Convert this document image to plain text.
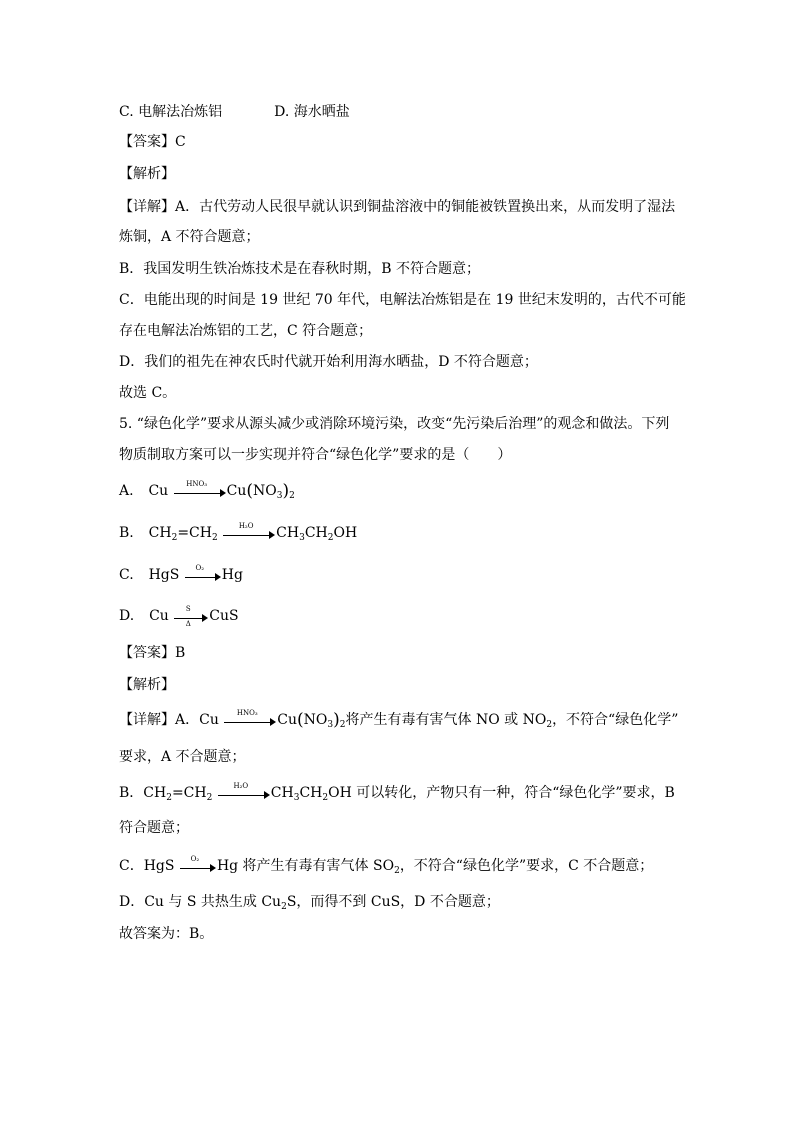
C. 电解法冶炼铝	D. 海水晒盐
【答案】C
【解析】
【详解】A．古代劳动人民很早就认识到铜盐溶液中的铜能被铁置换出来，从而发明了湿法
炼铜，A 不符合题意；
B．我国发明生铁冶炼技术是在春秋时期，B 不符合题意；
C．电能出现的时间是 19 世纪 70 年代，电解法冶炼铝是在 19 世纪末发明的，古代不可能
存在电解法冶炼铝的工艺，C 符合题意；
D．我们的祖先在神农氏时代就开始利用海水晒盐，D 不符合题意；
故选 C。
5. “绿色化学”要求从源头减少或消除环境污染，改变“先污染后治理”的观念和做法。下列
物质制取方案可以一步实现并符合“绿色化学”要求的是（　　）
A. Cu	HNO₃	$Cu(NO_3)_2$
B. $CH_2=CH_2$
H₂O	$CH_3CH_2OH$
C. HgS	O₂	Hg
D. Cu $\frac{S}{\Delta}$ CuS
【答案】B
【解析】
【详解】A．Cu	HNO₃	$Cu(NO_3)_2$将产生有毒有害气体 NO 或 $NO_2$，不符合“绿色化学”
要求，A 不合题意；
B．$CH_2=CH_2$
H₂O	$CH_3CH_2OH$ 可以转化，产物只有一种，符合“绿色化学”要求，B
符合题意；
C．HgS	O₂	Hg 将产生有毒有害气体 $SO_2$，不符合“绿色化学”要求，C 不合题意；
D．Cu 与 S 共热生成 $Cu_2S$，而得不到 CuS，D 不合题意；
故答案为：B。
